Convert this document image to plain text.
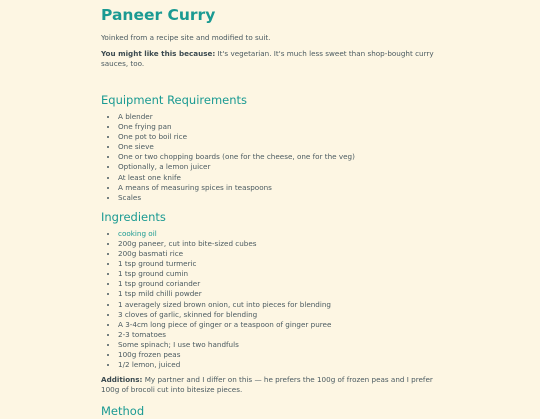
Paneer Curry

Yoinked from a recipe site and modified to suit.

You might like this because: It's vegetarian. It's much less sweet than shop-bought curry sauces, too.

Equipment Requirements
• A blender
• One frying pan
• One pot to boil rice
• One sieve
• One or two chopping boards (one for the cheese, one for the veg)
• Optionally, a lemon juicer
• At least one knife
• A means of measuring spices in teaspoons
• Scales
Ingredients
• cooking oil
• 200g paneer, cut into bite-sized cubes
• 200g basmati rice
• 1 tsp ground turmeric
• 1 tsp ground cumin
• 1 tsp ground coriander
• 1 tsp mild chilli powder
• 1 averagely sized brown onion, cut into pieces for blending
• 3 cloves of garlic, skinned for blending
• A 3-4cm long piece of ginger or a teaspoon of ginger puree
• 2-3 tomatoes
• Some spinach; I use two handfuls
• 100g frozen peas
• 1/2 lemon, juiced

Additions: My partner and I differ on this — he prefers the 100g of frozen peas and I prefer 100g of brocoli cut into bitesize pieces.

Method
